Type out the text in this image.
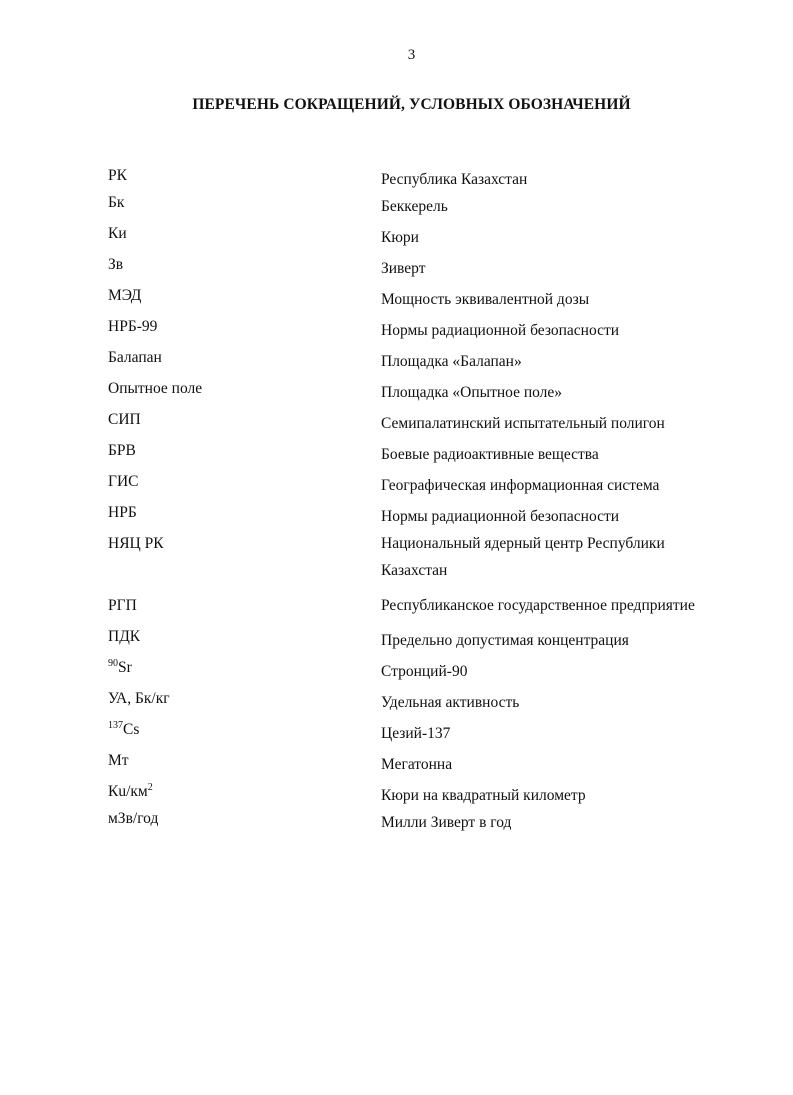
3
ПЕРЕЧЕНЬ СОКРАЩЕНИЙ, УСЛОВНЫХ ОБОЗНАЧЕНИЙ
РК	Республика Казахстан
Бк	Беккерель
Ки	Кюри
Зв	Зиверт
МЭД	Мощность эквивалентной дозы
НРБ-99	Нормы радиационной безопасности
Балапан	Площадка «Балапан»
Опытное поле	Площадка «Опытное поле»
СИП	Семипалатинский испытательный полигон
БРВ	Боевые радиоактивные вещества
ГИС	Географическая информационная система
НРБ	Нормы радиационной безопасности
НЯЦ РК	Национальный ядерный центр Республики Казахстан
РГП	Республиканское государственное предприятие
ПДК	Предельно допустимая концентрация
$^{90}$Sr	Стронций-90
УА, Бк/кг	Удельная активность
$^{137}$Cs	Цезий-137
Мт	Мегатонна
$Кu/км^2$	Кюри на квадратный километр
мЗв/год	Милли Зиверт в год
